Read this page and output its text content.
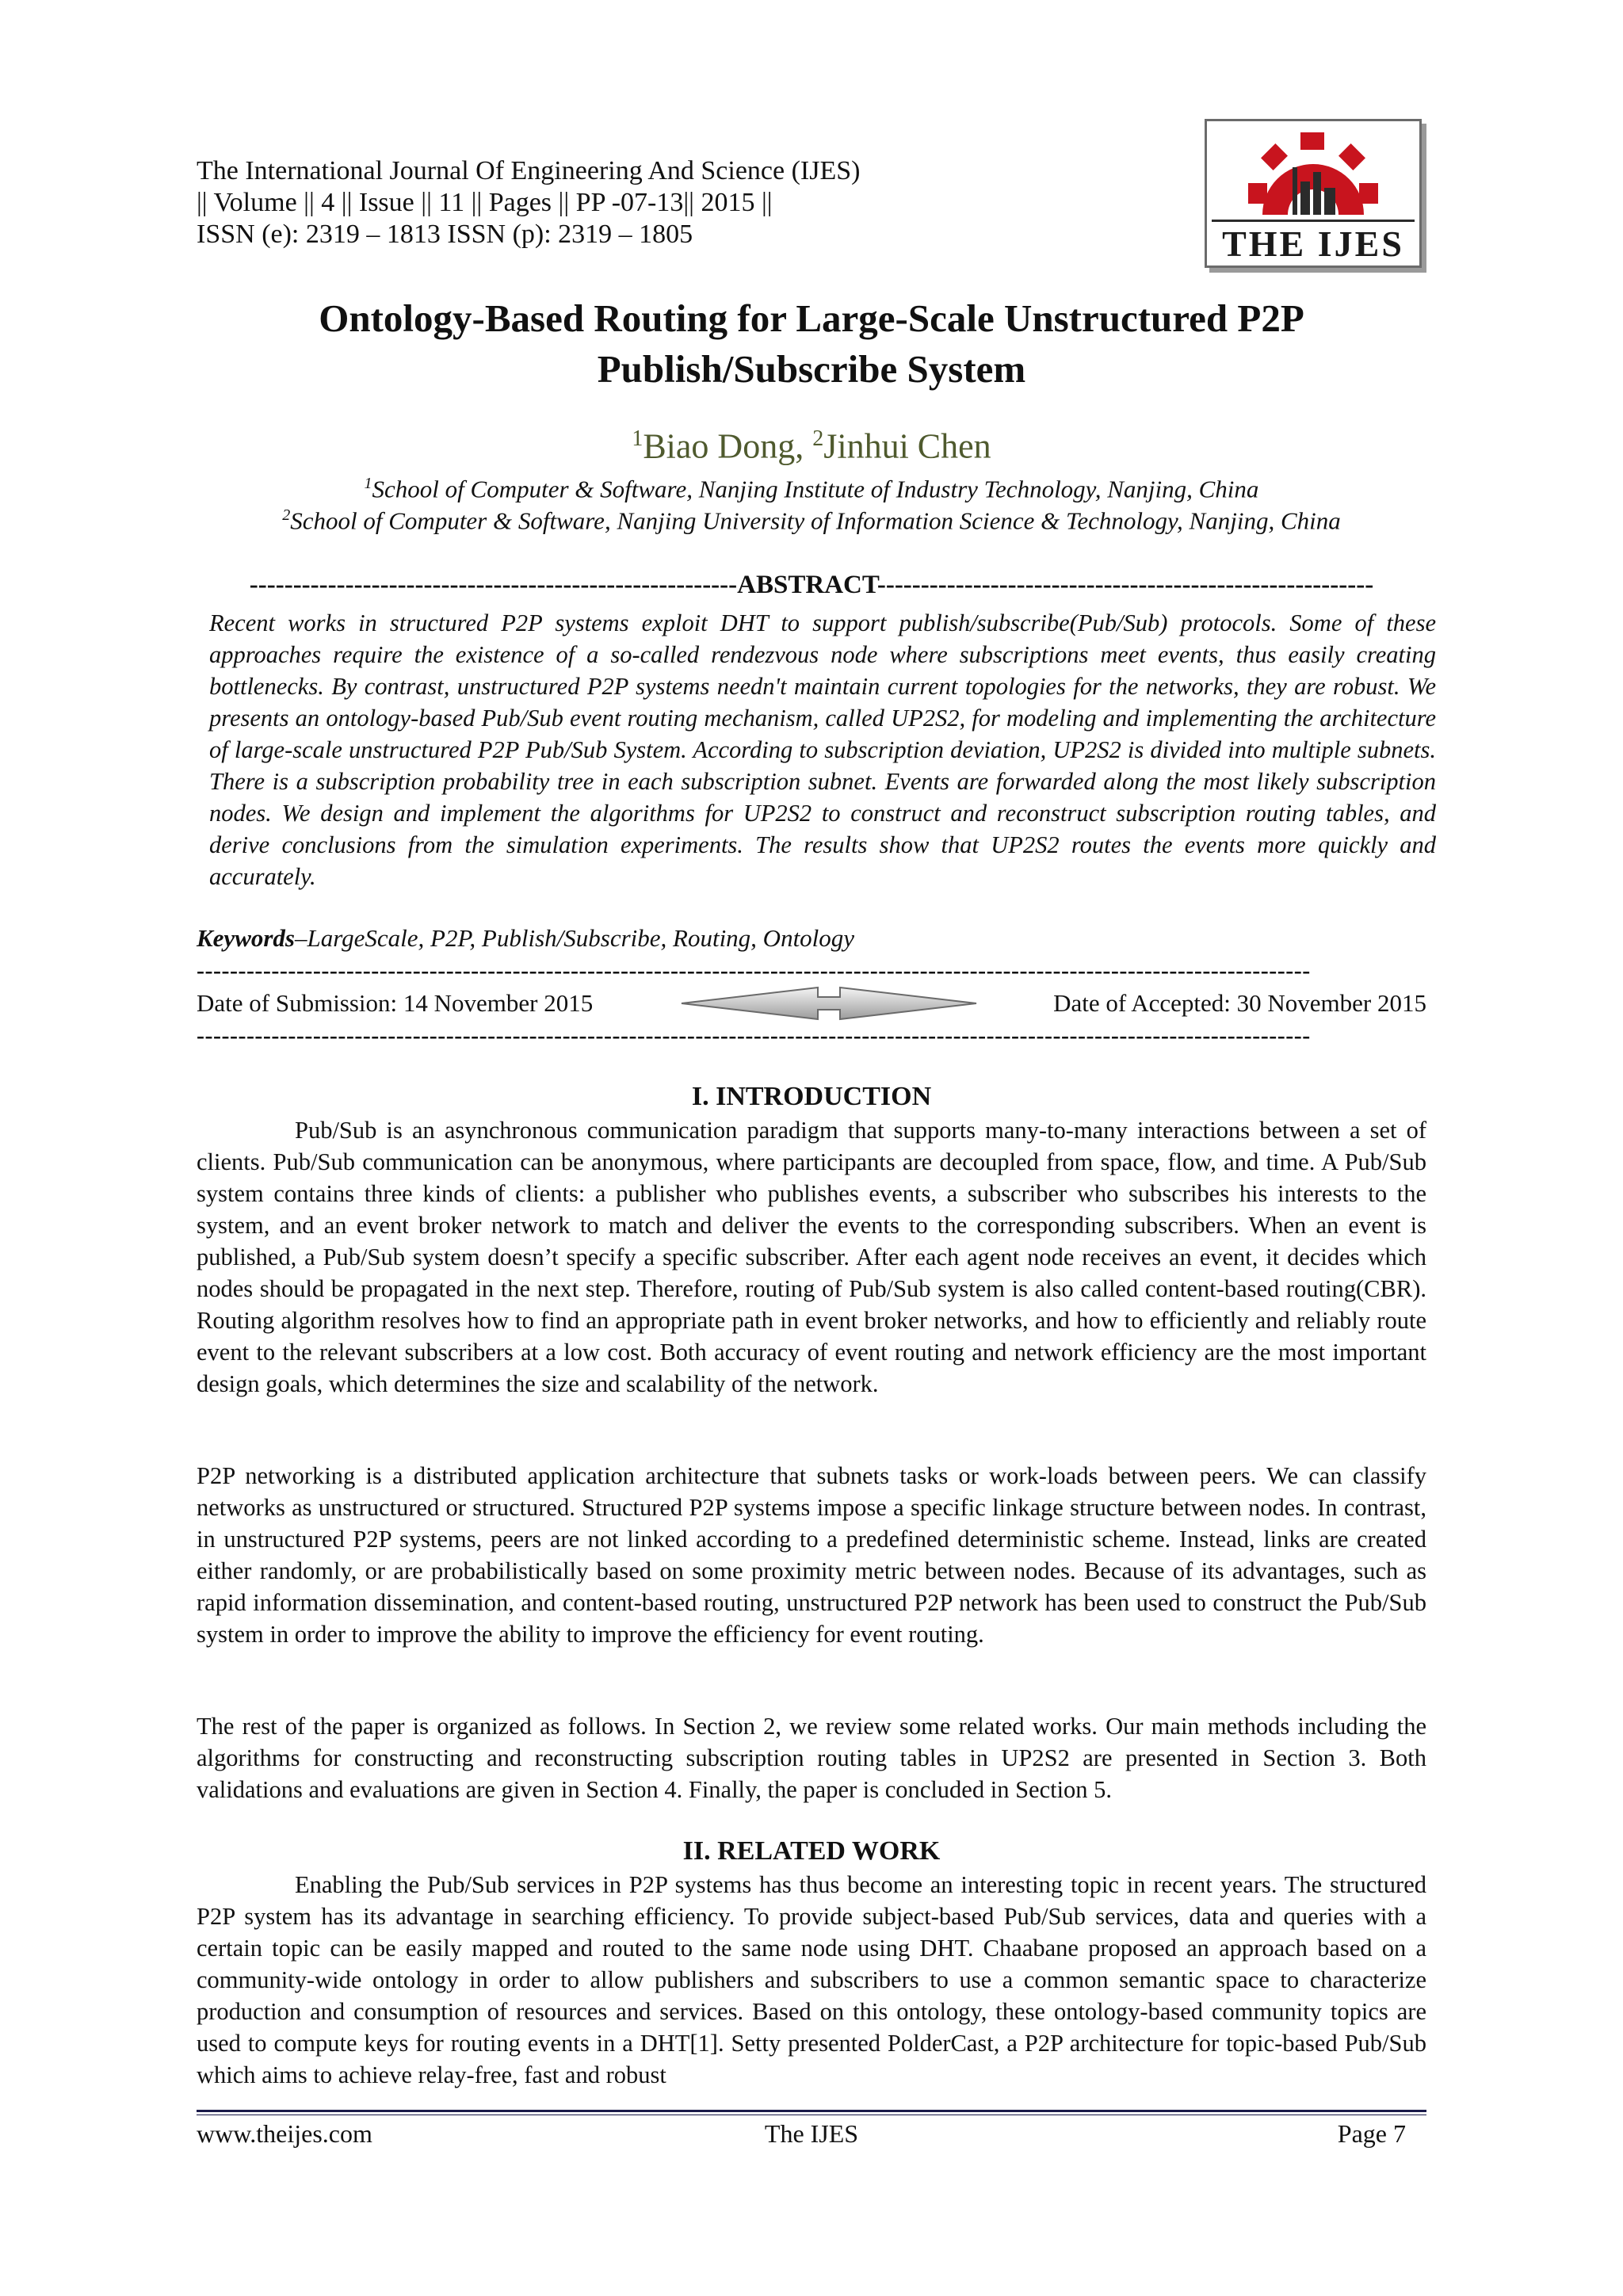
The International Journal Of Engineering And Science (IJES)
|| Volume || 4 || Issue || 11 || Pages || PP -07-13|| 2015 ||
ISSN (e): 2319 – 1813 ISSN (p): 2319 – 1805	THE IJES
Ontology-Based Routing for Large-Scale Unstructured P2P
Publish/Subscribe System
$^1$Biao Dong, $^2$Jinhui Chen
$^1$School of Computer & Software, Nanjing Institute of Industry Technology, Nanjing, China
$^2$School of Computer & Software, Nanjing University of Information Science & Technology, Nanjing, China
--------------------------------------------------------ABSTRACT---------------------------------------------------------
Recent works in structured P2P systems exploit DHT to support publish/subscribe(Pub/Sub) protocols. Some of these approaches require the existence of a so-called rendezvous node where subscriptions meet events, thus easily creating bottlenecks. By contrast, unstructured P2P systems needn't maintain current topologies for the networks, they are robust. We presents an ontology-based Pub/Sub event routing mechanism, called UP2S2, for modeling and implementing the architecture of large-scale unstructured P2P Pub/Sub System. According to subscription deviation, UP2S2 is divided into multiple subnets. There is a subscription probability tree in each subscription subnet. Events are forwarded along the most likely subscription nodes. We design and implement the algorithms for UP2S2 to construct and reconstruct subscription routing tables, and derive conclusions from the simulation experiments. The results show that UP2S2 routes the events more quickly and accurately.
Keywords–LargeScale, P2P, Publish/Subscribe, Routing, Ontology
--------------------------------------------------------------------------------------------------------------------------------------
Date of Submission: 14 November 2015	Date of Accepted: 30 November 2015
--------------------------------------------------------------------------------------------------------------------------------------
I. INTRODUCTION
Pub/Sub is an asynchronous communication paradigm that supports many-to-many interactions between a set of clients. Pub/Sub communication can be anonymous, where participants are decoupled from space, flow, and time. A Pub/Sub system contains three kinds of clients: a publisher who publishes events, a subscriber who subscribes his interests to the system, and an event broker network to match and deliver the events to the corresponding subscribers. When an event is published, a Pub/Sub system doesn’t specify a specific subscriber. After each agent node receives an event, it decides which nodes should be propagated in the next step. Therefore, routing of Pub/Sub system is also called content-based routing(CBR). Routing algorithm resolves how to find an appropriate path in event broker networks, and how to efficiently and reliably route event to the relevant subscribers at a low cost. Both accuracy of event routing and network efficiency are the most important design goals, which determines the size and scalability of the network.
P2P networking is a distributed application architecture that subnets tasks or work-loads between peers. We can classify networks as unstructured or structured. Structured P2P systems impose a specific linkage structure between nodes. In contrast, in unstructured P2P systems, peers are not linked according to a predefined deterministic scheme. Instead, links are created either randomly, or are probabilistically based on some proximity metric between nodes. Because of its advantages, such as rapid information dissemination, and content-based routing, unstructured P2P network has been used to construct the Pub/Sub system in order to improve the ability to improve the efficiency for event routing.
The rest of the paper is organized as follows. In Section 2, we review some related works. Our main methods including the algorithms for constructing and reconstructing subscription routing tables in UP2S2 are presented in Section 3. Both validations and evaluations are given in Section 4. Finally, the paper is concluded in Section 5.
II. RELATED WORK
Enabling the Pub/Sub services in P2P systems has thus become an interesting topic in recent years. The structured P2P system has its advantage in searching efficiency. To provide subject-based Pub/Sub services, data and queries with a certain topic can be easily mapped and routed to the same node using DHT. Chaabane proposed an approach based on a community-wide ontology in order to allow publishers and subscribers to use a common semantic space to characterize production and consumption of resources and services. Based on this ontology, these ontology-based community topics are used to compute keys for routing events in a DHT[1]. Setty presented PolderCast, a P2P architecture for topic-based Pub/Sub which aims to achieve relay-free, fast and robust
www.theijes.com	The IJES	Page 7
